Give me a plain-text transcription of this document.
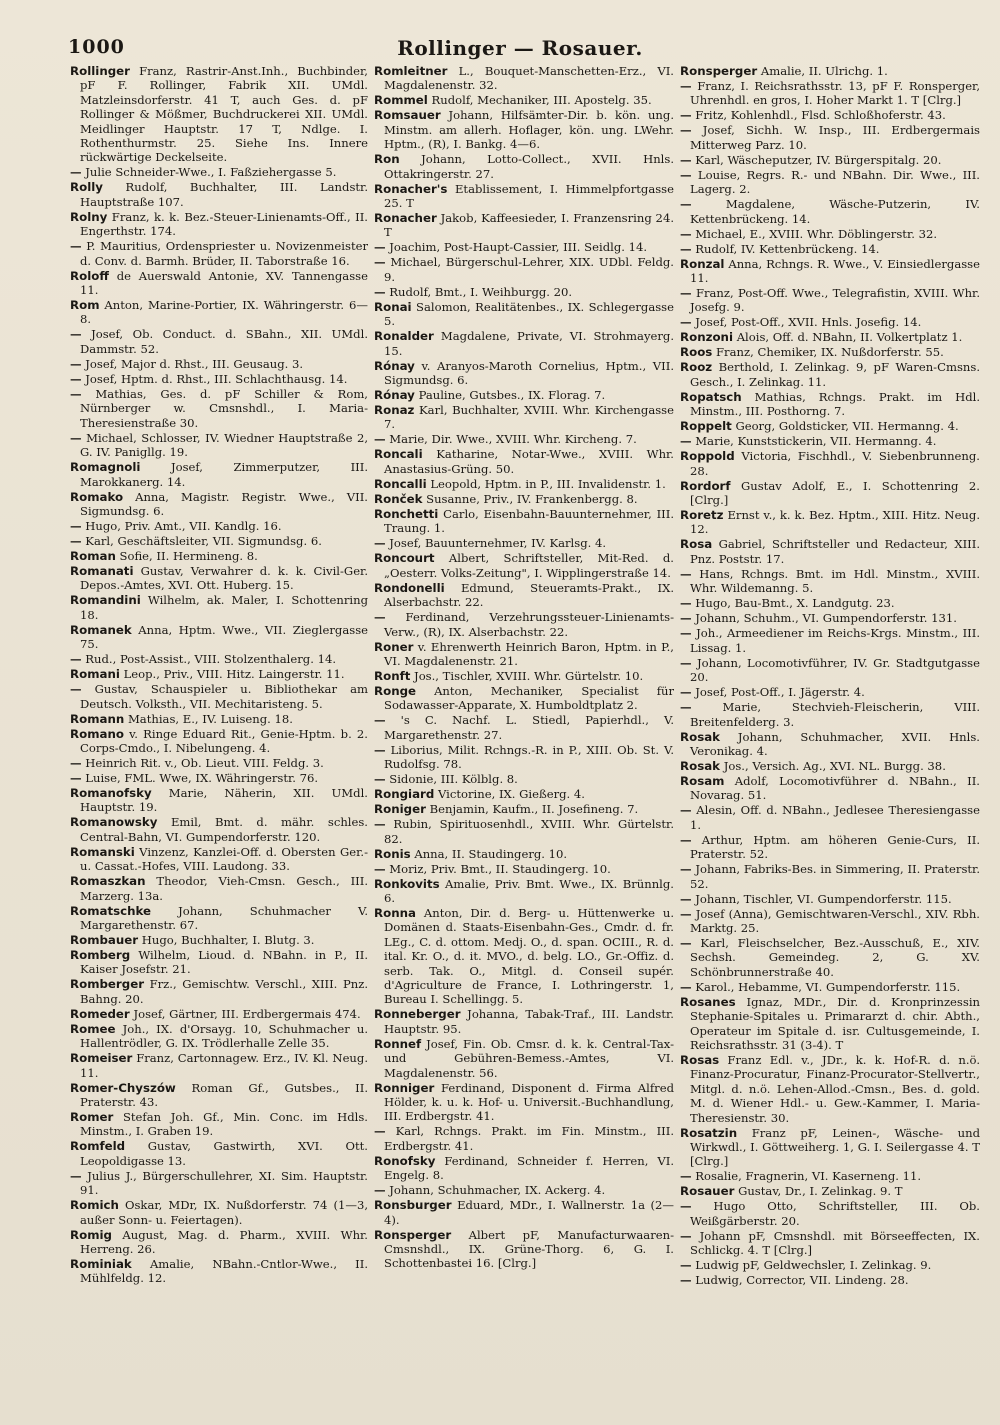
1000	Rollinger — Rosauer.

Rollinger Franz, Rastrir-Anst.Inh., Buchbinder, pF F. Rollinger, Fabrik XII. UMdl. Matzleinsdorferstr. 41 T, auch Ges. d. pF Rollinger & Mößmer, Buchdruckerei XII. UMdl. Meidlinger Hauptstr. 17 T, Ndlge. I. Rothenthurmstr. 25. Siehe Ins. Innere rückwärtige Deckelseite.

— Julie Schneider-Wwe., I. Faßziehergasse 5.

Rolly Rudolf, Buchhalter, III. Landstr. Hauptstraße 107.

Rolny Franz, k. k. Bez.-Steuer-Linienamts-Off., II. Engerthstr. 174.

— P. Mauritius, Ordenspriester u. Novizenmeister d. Conv. d. Barmh. Brüder, II. Taborstraße 16.

Roloff de Auerswald Antonie, XV. Tannengasse 11.

Rom Anton, Marine-Portier, IX. Währingerstr. 6—8.

— Josef, Ob. Conduct. d. SBahn., XII. UMdl. Dammstr. 52.

— Josef, Major d. Rhst., III. Geusaug. 3.

— Josef, Hptm. d. Rhst., III. Schlachthausg. 14.

— Mathias, Ges. d. pF Schiller & Rom, Nürnberger w. Cmsnshdl., I. Maria-Theresienstraße 30.

— Michael, Schlosser, IV. Wiedner Hauptstraße 2, G. IV. Panigllg. 19.

Romagnoli	Josef, Zimmerputzer, III. Marokkanerg. 14.

Romako Anna, Magistr. Registr. Wwe., VII. Sigmundsg. 6.

— Hugo, Priv. Amt., VII. Kandlg. 16.

— Karl, Geschäftsleiter, VII. Sigmundsg. 6.

Roman Sofie, II. Hermineng. 8.

Romanati Gustav, Verwahrer d. k. k. Civil-Ger. Depos.-Amtes, XVI. Ott. Huberg. 15.

Romandini Wilhelm, ak. Maler, I. Schottenring 18.

Romanek Anna, Hptm. Wwe., VII. Zieglergasse 75.

— Rud., Post-Assist., VIII. Stolzenthalerg. 14.

Romani Leop., Priv., VIII. Hitz. Laingerstr. 11.

— Gustav, Schauspieler u. Bibliothekar am Deutsch. Volksth., VII. Mechitaristeng. 5.

Romann Mathias, E., IV. Luiseng. 18.

Romano v. Ringe Eduard Rit., Genie-Hptm. b. 2. Corps-Cmdo., I. Nibelungeng. 4.

— Heinrich Rit. v., Ob. Lieut. VIII. Feldg. 3.

— Luise, FML. Wwe, IX. Währingerstr. 76.

Romanofsky Marie, Näherin, XII. UMdl. Hauptstr. 19.

Romanowsky Emil, Bmt. d. mähr. schles. Central-Bahn, VI. Gumpendorferstr. 120.

Romanski Vinzenz, Kanzlei-Off. d. Obersten Ger.- u. Cassat.-Hofes, VIII. Laudong. 33.

Romaszkan Theodor, Vieh-Cmsn. Gesch., III. Marzerg. 13a.

Romatschke Johann, Schuhmacher V. Margarethenstr. 67.

Rombauer Hugo, Buchhalter, I. Blutg. 3.

Romberg Wilhelm, Lioud. d. NBahn. in P., II. Kaiser Josefstr. 21.

Romberger Frz., Gemischtw. Verschl., XIII. Pnz. Bahng. 20.

Romeder Josef, Gärtner, III. Erdbergermais 474.

Romee Joh., IX. d'Orsayg. 10, Schuhmacher u. Hallentrödler, G. IX. Trödlerhalle Zelle 35.

Romeiser Franz, Cartonnagew. Erz., IV. Kl. Neug. 11.

Romer-Chyszów Roman Gf., Gutsbes., II. Praterstr. 43.

Romer Stefan Joh. Gf., Min. Conc. im Hdls. Minstm., I. Graben 19.

Romfeld Gustav, Gastwirth, XVI. Ott. Leopoldigasse 13.

— Julius J., Bürgerschullehrer, XI. Sim. Hauptstr. 91.

Romich Oskar, MDr, IX. Nußdorferstr. 74 (1—3, außer Sonn- u. Feiertagen).

Romig August, Mag. d. Pharm., XVIII. Whr. Herreng. 26.

Rominiak Amalie, NBahn.-Cntlor-Wwe., II. Mühlfeldg. 12.

Romleitner L., Bouquet-Manschetten-Erz., VI. Magdalenenstr. 32.

Rommel Rudolf, Mechaniker, III. Apostelg. 35.

Romsauer Johann, Hilfsämter-Dir. b. kön. ung. Minstm. am allerh. Hoflager, kön. ung. LWehr. Hptm., (R), I. Bankg. 4—6.

Ron Johann, Lotto-Collect., XVII. Hnls. Ottakringerstr. 27.

Ronacher's Etablissement, I. Himmelpfortgasse 25. T

Ronacher Jakob, Kaffeesieder, I. Franzensring 24. T

— Joachim, Post-Haupt-Cassier, III. Seidlg. 14.

— Michael, Bürgerschul-Lehrer, XIX. UDbl. Feldg. 9.

— Rudolf, Bmt., I. Weihburgg. 20.

Ronai Salomon, Realitätenbes., IX. Schlegergasse 5.

Ronalder Magdalene, Private, VI. Strohmayerg. 15.

Rónay v. Aranyos-Maroth Cornelius, Hptm., VII. Sigmundsg. 6.

Rónay Pauline, Gutsbes., IX. Florag. 7.

Ronaz Karl, Buchhalter, XVIII. Whr. Kirchengasse 7.

— Marie, Dir. Wwe., XVIII. Whr. Kircheng. 7.

Roncali Katharine, Notar-Wwe., XVIII. Whr. Anastasius-Grüng. 50.

Roncalli Leopold, Hptm. in P., III. Invalidenstr. 1.

Ronček Susanne, Priv., IV. Frankenbergg. 8.

Ronchetti Carlo, Eisenbahn-Bauunternehmer, III. Traung. 1.

— Josef, Bauunternehmer, IV. Karlsg. 4.

Roncourt Albert, Schriftsteller, Mit-Red. d. „Oesterr. Volks-Zeitung", I. Wipplingerstraße 14.

Rondonelli Edmund, Steueramts-Prakt., IX. Alserbachstr. 22.

— Ferdinand, Verzehrungssteuer-Linienamts-Verw., (R), IX. Alserbachstr. 22.

Roner v. Ehrenwerth Heinrich Baron, Hptm. in P., VI. Magdalenenstr. 21.

Ronft Jos., Tischler, XVIII. Whr. Gürtelstr. 10.

Ronge Anton, Mechaniker, Specialist für Sodawasser-Apparate, X. Humboldtplatz 2.

— 's C. Nachf. L. Stiedl, Papierhdl., V. Margarethenstr. 27.

— Liborius, Milit. Rchngs.-R. in P., XIII. Ob. St. V. Rudolfsg. 78.

— Sidonie, III. Kölblg. 8.

Rongiard Victorine, IX. Gießerg. 4.

Roniger Benjamin, Kaufm., II. Josefineng. 7.

— Rubin, Spirituosenhdl., XVIII. Whr. Gürtelstr. 82.

Ronis Anna, II. Staudingerg. 10.

— Moriz, Priv. Bmt., II. Staudingerg. 10.

Ronkovits Amalie, Priv. Bmt. Wwe., IX. Brünnlg. 6.

Ronna Anton, Dir. d. Berg- u. Hüttenwerke u. Domänen d. Staats-Eisenbahn-Ges., Cmdr. d. fr. LEg., C. d. ottom. Medj. O., d. span. OCIII., R. d. ital. Kr. O., d. it. MVO., d. belg. LO., Gr.-Offiz. d. serb. Tak. O., Mitgl. d. Conseil supér. d'Agriculture de France, I. Lothringerstr. 1, Bureau I. Schellingg. 5.

Ronneberger Johanna, Tabak-Traf., III. Landstr. Hauptstr. 95.

Ronnef Josef, Fin. Ob. Cmsr. d. k. k. Central-Tax- und Gebühren-Bemess.-Amtes, VI. Magdalenenstr. 56.

Ronniger Ferdinand, Disponent d. Firma Alfred Hölder, k. u. k. Hof- u. Universit.-Buchhandlung, III. Erdbergstr. 41.

— Karl, Rchngs. Prakt. im Fin. Minstm., III. Erdbergstr. 41.

Ronofsky Ferdinand, Schneider f. Herren, VI. Engelg. 8.

— Johann, Schuhmacher, IX. Ackerg. 4.

Ronsburger Eduard, MDr., I. Wallnerstr. 1a (2—4).

Ronsperger Albert pF, Manufacturwaaren-Cmsnshdl., IX. Grüne-Thorg. 6, G. I. Schottenbastei 16. [Clrg.]

Ronsperger Amalie, II. Ulrichg. 1.

— Franz, I. Reichsrathsstr. 13, pF F. Ronsperger, Uhrenhdl. en gros, I. Hoher Markt 1. T [Clrg.]

— Fritz, Kohlenhdl., Flsd. Schloßhoferstr. 43.

— Josef, Sichh. W. Insp., III. Erdbergermais Mitterweg Parz. 10.

— Karl, Wäscheputzer, IV. Bürgerspitalg. 20.

— Louise, Regrs. R.- und NBahn. Dir. Wwe., III. Lagerg. 2.

—	Magdalene, Wäsche-Putzerin, IV. Kettenbrückeng. 14.

— Michael, E., XVIII. Whr. Döblingerstr. 32.

— Rudolf, IV. Kettenbrückeng. 14.

Ronzal Anna, Rchngs. R. Wwe., V. Einsiedlergasse 11.

— Franz, Post-Off. Wwe., Telegrafistin, XVIII. Whr. Josefg. 9.

— Josef, Post-Off., XVII. Hnls. Josefig. 14.

Ronzoni Alois, Off. d. NBahn, II. Volkertplatz 1.

Roos Franz, Chemiker, IX. Nußdorferstr. 55.

Rooz Berthold, I. Zelinkag. 9, pF Waren-Cmsns. Gesch., I. Zelinkag. 11.

Ropatsch Mathias, Rchngs. Prakt. im Hdl. Minstm., III. Posthorng. 7.

Roppelt Georg, Goldsticker, VII. Hermanng. 4.

— Marie, Kunststickerin, VII. Hermanng. 4.

Roppold Victoria, Fischhdl., V. Siebenbrunneng. 28.

Rordorf Gustav Adolf, E., I. Schottenring 2. [Clrg.]

Roretz Ernst v., k. k. Bez. Hptm., XIII. Hitz. Neug. 12.

Rosa Gabriel, Schriftsteller und Redacteur, XIII. Pnz. Poststr. 17.

— Hans, Rchngs. Bmt. im Hdl. Minstm., XVIII. Whr. Wildemanng. 5.

— Hugo, Bau-Bmt., X. Landgutg. 23.

— Johann, Schuhm., VI. Gumpendorferstr. 131.

— Joh., Armeediener im Reichs-Krgs. Minstm., III. Lissag. 1.

— Johann, Locomotivführer, IV. Gr. Stadtgutgasse 20.

— Josef, Post-Off., I. Jägerstr. 4.

—	Marie, Stechvieh-Fleischerin, VIII. Breitenfelderg. 3.

Rosak Johann, Schuhmacher, XVII. Hnls. Veronikag. 4.

Rosak Jos., Versich. Ag., XVI. NL. Burgg. 38.

Rosam Adolf, Locomotivführer d. NBahn., II. Novarag. 51.

— Alesin, Off. d. NBahn., Jedlesee Theresiengasse 1.

— Arthur, Hptm. am höheren Genie-Curs, II. Praterstr. 52.

— Johann, Fabriks-Bes. in Simmering, II. Praterstr. 52.

— Johann, Tischler, VI. Gumpendorferstr. 115.

— Josef (Anna), Gemischtwaren-Verschl., XIV. Rbh. Marktg. 25.

— Karl, Fleischselcher, Bez.-Ausschuß, E., XIV. Sechsh. Gemeindeg. 2, G. XV. Schönbrunnerstraße 40.

— Karol., Hebamme, VI. Gumpendorferstr. 115.

Rosanes Ignaz, MDr., Dir. d. Kronprinzessin Stephanie-Spitales u. Primararzt d. chir. Abth., Operateur im Spitale d. isr. Cultusgemeinde, I. Reichsrathsstr. 31 (3-4). T

Rosas Franz Edl. v., JDr., k. k. Hof-R. d. n.ö. Finanz-Procuratur, Finanz-Procurator-Stellvertr., Mitgl. d. n.ö. Lehen-Allod.-Cmsn., Bes. d. gold. M. d. Wiener Hdl.- u. Gew.-Kammer, I. Maria-Theresienstr. 30.

Rosatzin Franz pF, Leinen-, Wäsche- und Wirkwdl., I. Göttweiherg. 1, G. I. Seilergasse 4. T [Clrg.]

— Rosalie, Fragnerin, VI. Kaserneng. 11.

Rosauer Gustav, Dr., I. Zelinkag. 9. T

— Hugo Otto, Schriftsteller, III. Ob. Weißgärberstr. 20.

— Johann pF, Cmsnshdl. mit Börseeffecten, IX. Schlickg. 4. T [Clrg.]

— Ludwig pF, Geldwechsler, I. Zelinkag. 9.

— Ludwig, Corrector, VII. Lindeng. 28.
